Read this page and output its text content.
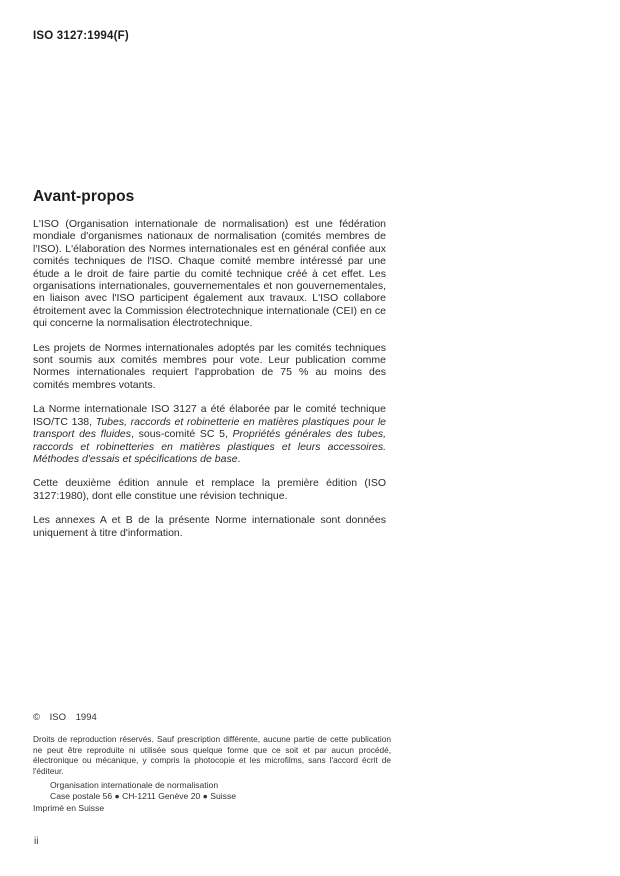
ISO 3127:1994(F)
Avant-propos

L'ISO (Organisation internationale de normalisation) est une fédération mondiale d'organismes nationaux de normalisation (comités membres de l'ISO). L'élaboration des Normes internationales est en général confiée aux comités techniques de l'ISO. Chaque comité membre intéressé par une étude a le droit de faire partie du comité technique créé à cet effet. Les organisations internationales, gouvernementales et non gouvernementales, en liaison avec l'ISO participent également aux travaux. L'ISO collabore étroitement avec la Commission électrotechnique internationale (CEI) en ce qui concerne la normalisation électrotechnique.

Les projets de Normes internationales adoptés par les comités techniques sont soumis aux comités membres pour vote. Leur publication comme Normes internationales requiert l'approbation de 75 % au moins des comités membres votants.

La Norme internationale ISO 3127 a été élaborée par le comité technique ISO/TC 138, Tubes, raccords et robinetterie en matières plastiques pour le transport des fluides, sous-comité SC 5, Propriétés générales des tubes, raccords et robinetteries en matières plastiques et leurs accessoires. Méthodes d'essais et spécifications de base.

Cette deuxième édition annule et remplace la première édition (ISO 3127:1980), dont elle constitue une révision technique.

Les annexes A et B de la présente Norme internationale sont données uniquement à titre d'information.

© ISO 1994
Droits de reproduction réservés. Sauf prescription différente, aucune partie de cette publication ne peut être reproduite ni utilisée sous quelque forme que ce soit et par aucun procédé, électronique ou mécanique, y compris la photocopie et les microfilms, sans l'accord écrit de l'éditeur.
Organisation internationale de normalisation
Case postale 56 ● CH-1211 Genève 20 ● Suisse
Imprimé en Suisse
ii
